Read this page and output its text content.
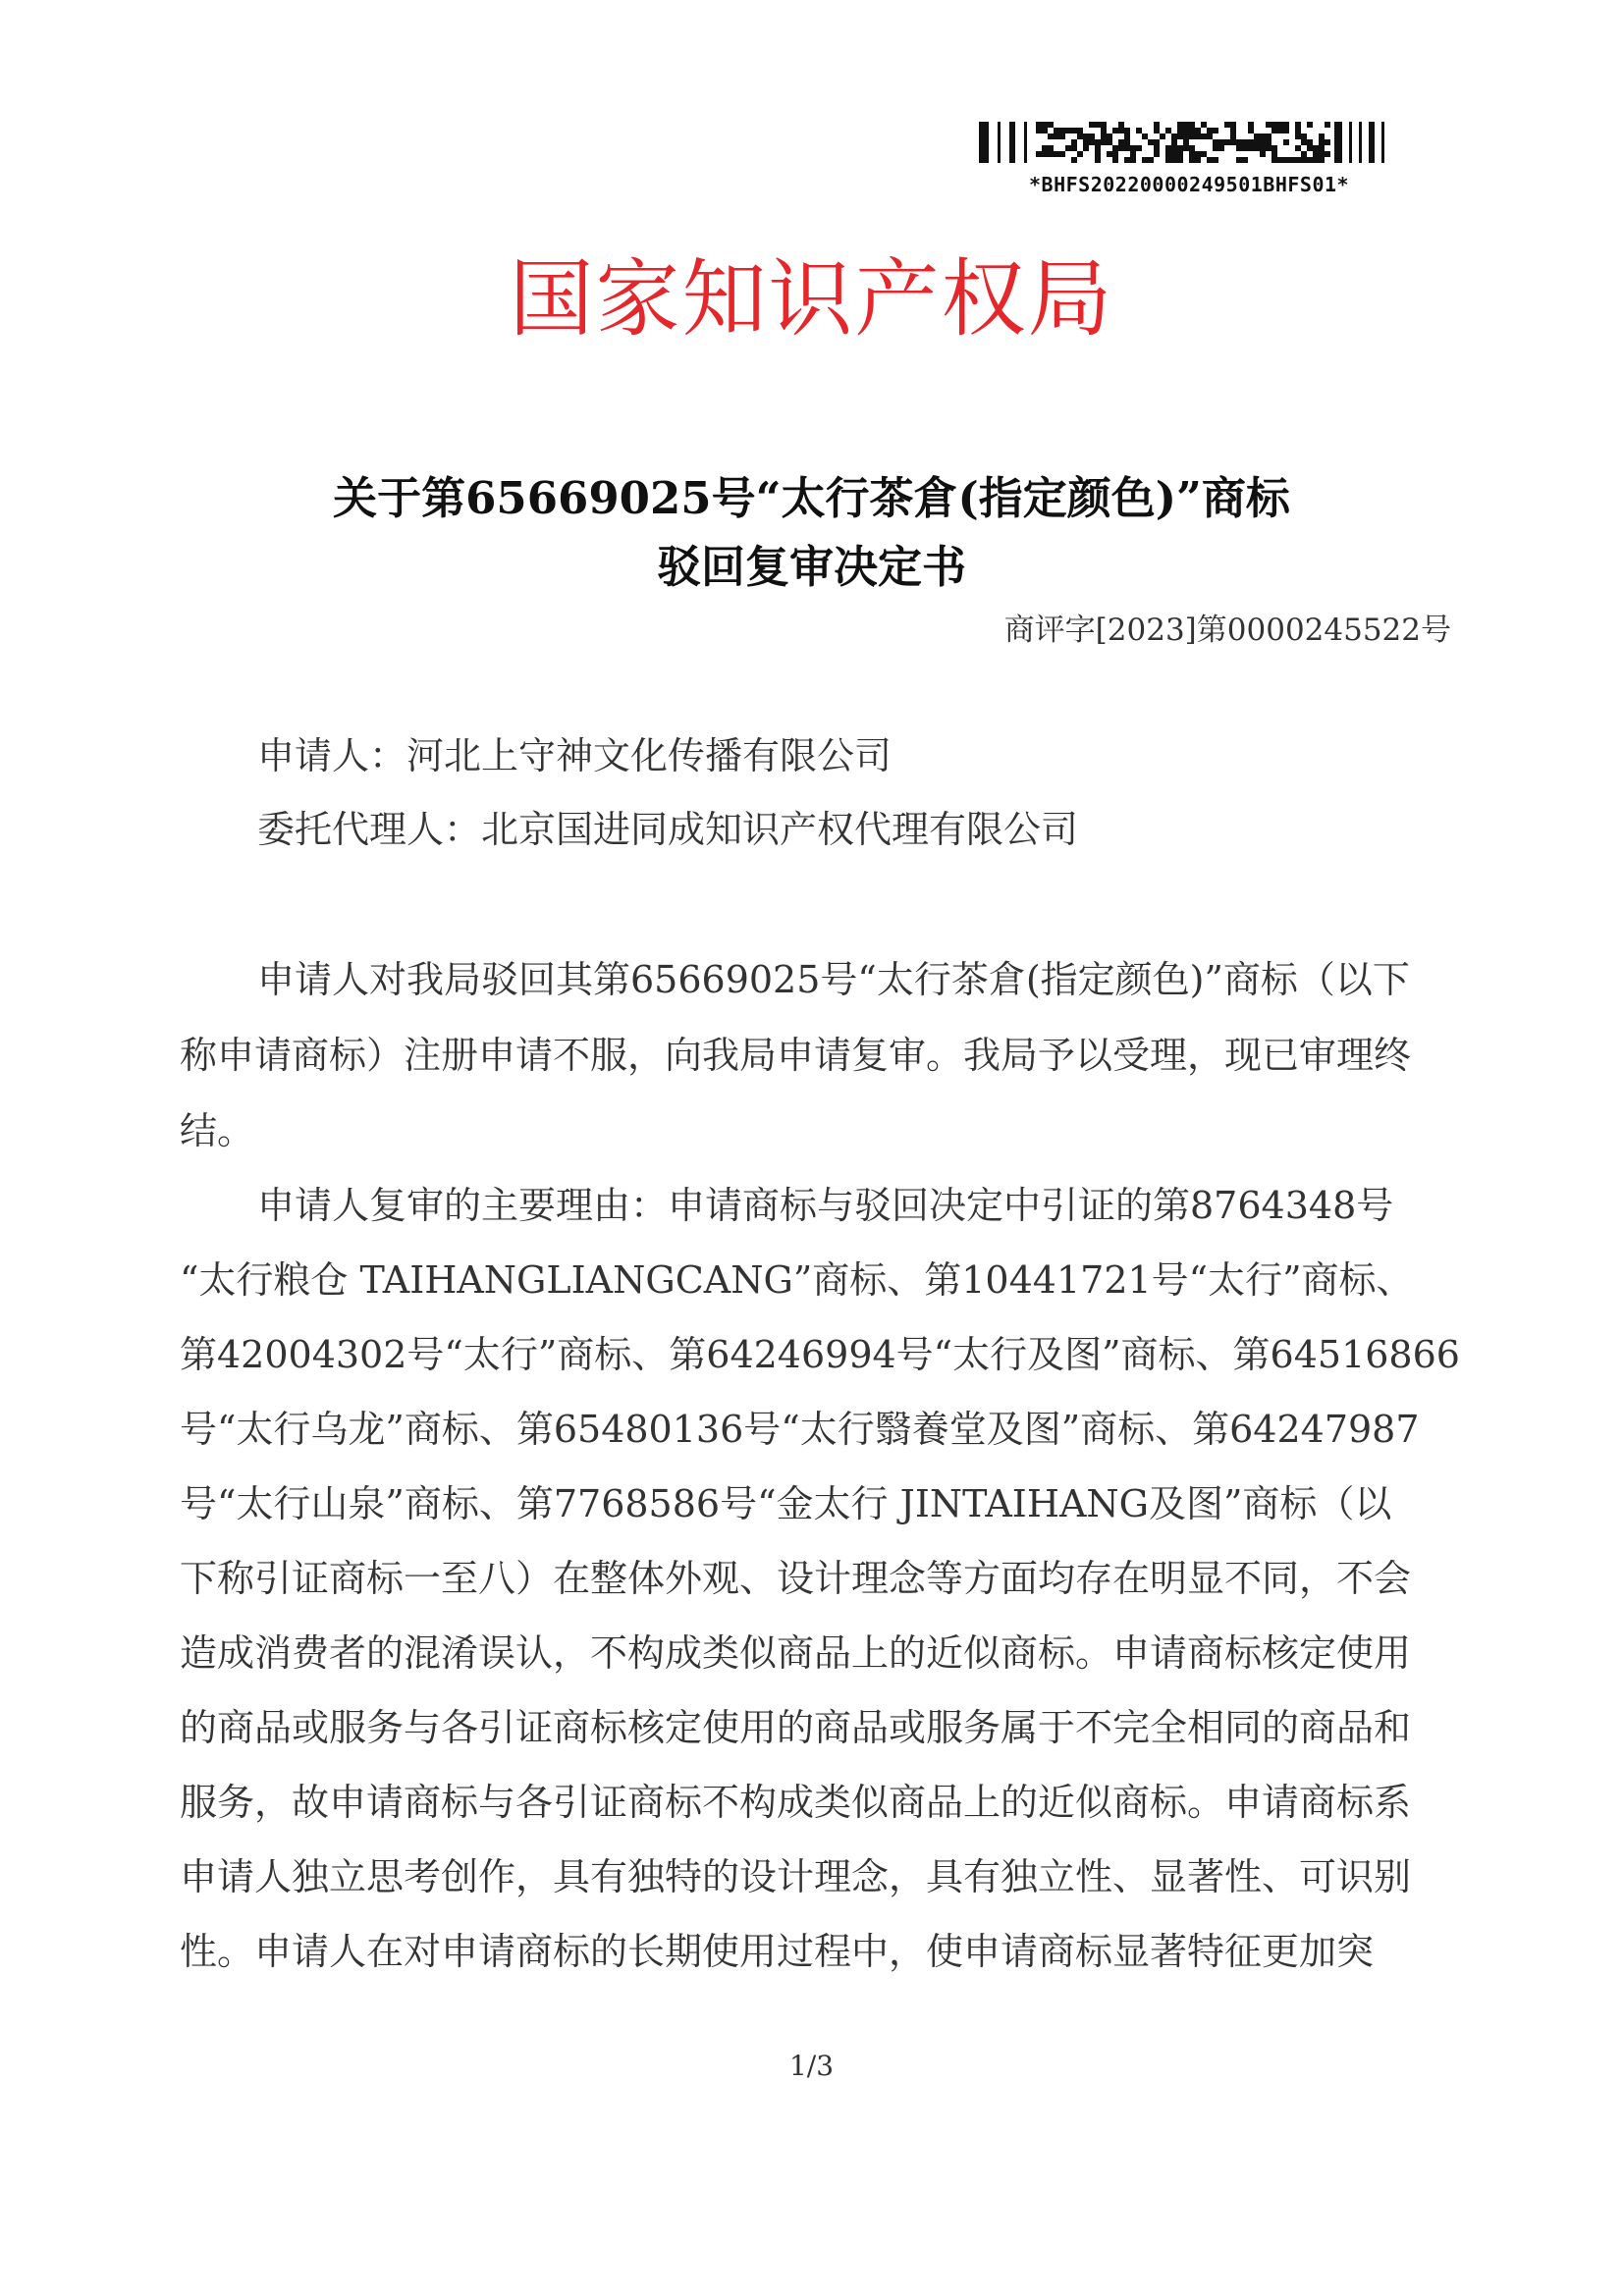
*BHFS20220000249501BHFS01*
国家知识产权局
关于第65669025号“太行茶倉(指定颜色)”商标
驳回复审决定书
商评字[2023]第0000245522号
申请人：河北上守神文化传播有限公司
委托代理人：北京国进同成知识产权代理有限公司
申请人对我局驳回其第65669025号“太行茶倉(指定颜色)”商标（以下
称申请商标）注册申请不服，向我局申请复审。我局予以受理，现已审理终
结。
申请人复审的主要理由：申请商标与驳回决定中引证的第8764348号
“太行粮仓 TAIHANGLIANGCANG”商标、第10441721号“太行”商标、
第42004302号“太行”商标、第64246994号“太行及图”商标、第64516866
号“太行乌龙”商标、第65480136号“太行翳養堂及图”商标、第64247987
号“太行山泉”商标、第7768586号“金太行 JINTAIHANG及图”商标（以
下称引证商标一至八）在整体外观、设计理念等方面均存在明显不同，不会
造成消费者的混淆误认，不构成类似商品上的近似商标。申请商标核定使用
的商品或服务与各引证商标核定使用的商品或服务属于不完全相同的商品和
服务，故申请商标与各引证商标不构成类似商品上的近似商标。申请商标系
申请人独立思考创作，具有独特的设计理念，具有独立性、显著性、可识别
性。申请人在对申请商标的长期使用过程中，使申请商标显著特征更加突
1/3
